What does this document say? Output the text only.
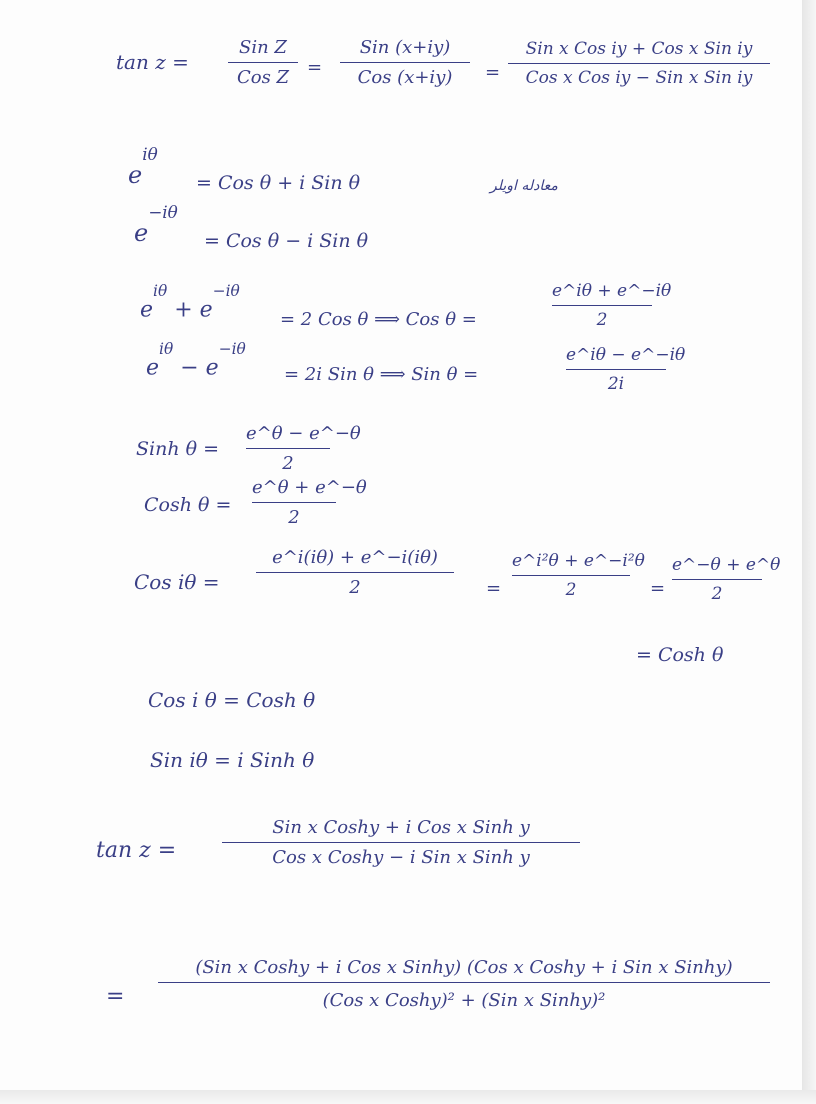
tan z =
Sin Z
Cos Z =
Sin (x+iy)
Cos (x+iy)	=
Sin x Cos iy + Cos x Sin iy
Cos x Cos iy − Sin x Sin iy
$e^{i\theta}$
= Cos θ + i Sin θ	معادله اویلر
$e^{-i\theta}$
= Cos θ − i Sin θ
$e^{i\theta} + e^{-i\theta}$
= 2 Cos θ ⟹ Cos θ =
e^iθ + e^−iθ
2
$e^{i\theta} - e^{-i\theta}$
= 2i Sin θ ⟹ Sin θ =
e^iθ − e^−iθ
2i
Sinh θ =
e^θ − e^−θ
2
Cosh θ =
e^θ + e^−θ
2
Cos iθ =
e^i(iθ) + e^−i(iθ)
2	=
e^i²θ + e^−i²θ
2	=
e^−θ + e^θ
2
= Cosh θ
Cos i θ = Cosh θ
Sin iθ = i Sinh θ
tan z =
Sin x Coshy + i Cos x Sinh y
Cos x Coshy − i Sin x Sinh y
=
(Sin x Coshy + i Cos x Sinhy) (Cos x Coshy + i Sin x Sinhy)
(Cos x Coshy)² + (Sin x Sinhy)²
